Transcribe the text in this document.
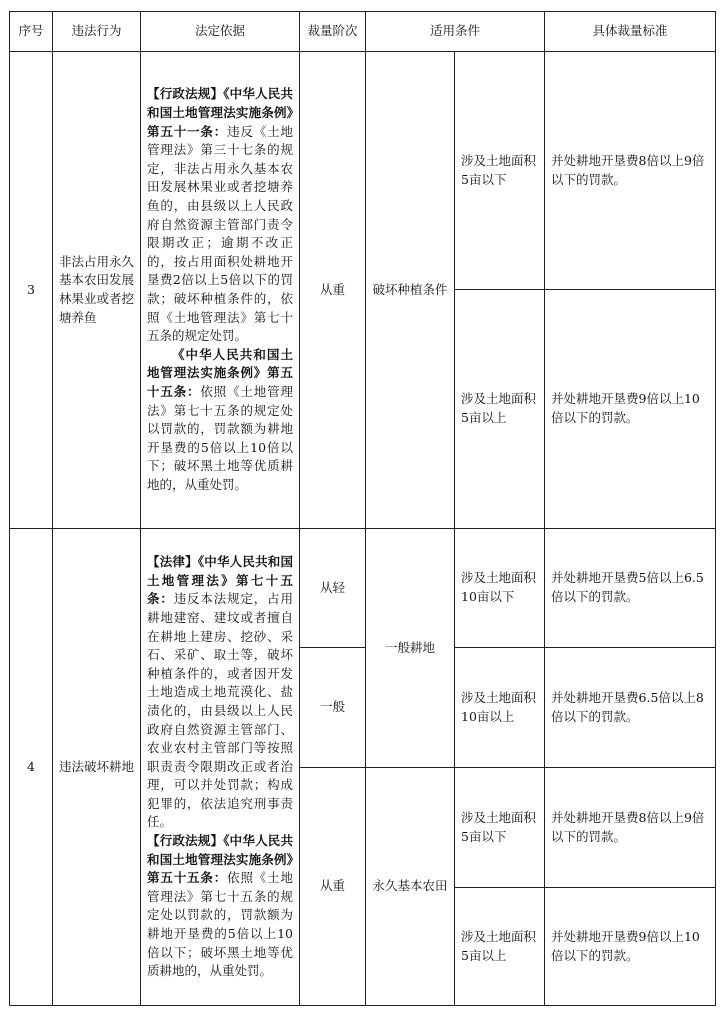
序号	违法行为	法定依据	裁量阶次	适用条件		具体裁量标准
3	非法占用永久基本农田发展林果业或者挖塘养鱼	【行政法规】《中华人民共和国土地管理法实施条例》第五十一条：违反《土地管理法》第三十七条的规定，非法占用永久基本农田发展林果业或者挖塘养鱼的，由县级以上人民政府自然资源主管部门责令限期改正；逾期不改正的，按占用面积处耕地开垦费2倍以上5倍以下的罚款；破坏种植条件的，依照《土地管理法》第七十五条的规定处罚。

《中华人民共和国土地管理法实施条例》第五十五条：依照《土地管理法》第七十五条的规定处以罚款的，罚款额为耕地开垦费的5倍以上10倍以下；破坏黑土地等优质耕地的，从重处罚。	从重	破坏种植条件	涉及土地面积5亩以下	并处耕地开垦费8倍以上9倍以下的罚款。
					涉及土地面积5亩以上	并处耕地开垦费9倍以上10倍以下的罚款。
4	违法破坏耕地	【法律】《中华人民共和国土地管理法》第七十五条：违反本法规定，占用耕地建窑、建坟或者擅自在耕地上建房、挖砂、采石、采矿、取土等，破坏种植条件的，或者因开发土地造成土地荒漠化、盐渍化的，由县级以上人民政府自然资源主管部门、农业农村主管部门等按照职责责令限期改正或者治理，可以并处罚款；构成犯罪的，依法追究刑事责任。

【行政法规】《中华人民共和国土地管理法实施条例》第五十五条：依照《土地管理法》第七十五条的规定处以罚款的，罚款额为耕地开垦费的5倍以上10倍以下；破坏黑土地等优质耕地的，从重处罚。	从轻	一般耕地	涉及土地面积10亩以下	并处耕地开垦费5倍以上6.5倍以下的罚款。
			一般		涉及土地面积10亩以上	并处耕地开垦费6.5倍以上8倍以下的罚款。
			从重	永久基本农田	涉及土地面积5亩以下	并处耕地开垦费8倍以上9倍以下的罚款。
					涉及土地面积5亩以上	并处耕地开垦费9倍以上10倍以下的罚款。
